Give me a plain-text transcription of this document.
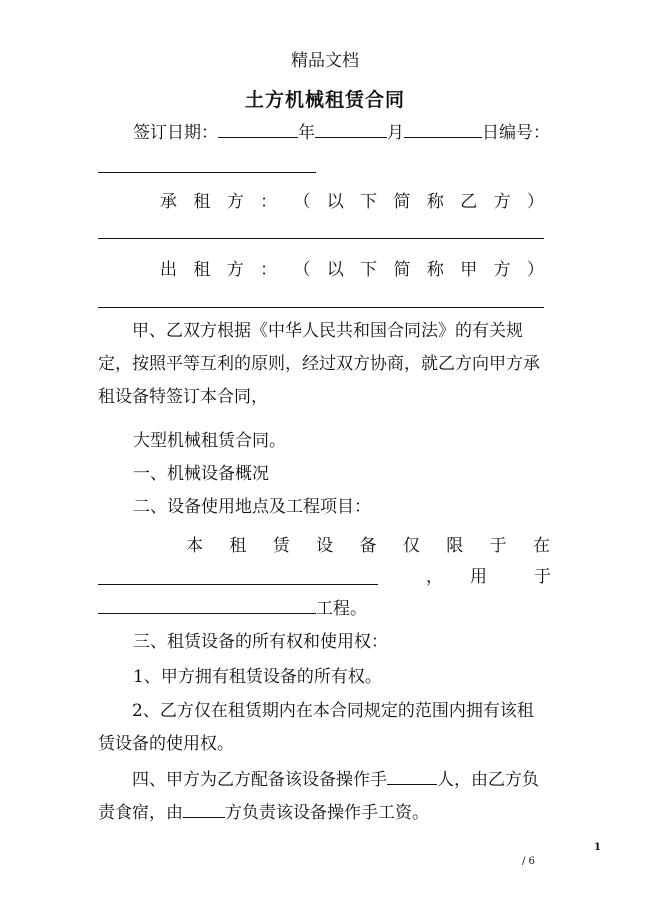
精品文档
土方机械租赁合同
签订日期：	年	月	日编号：
承 租 方 ： （ 以 下 简 称 乙 方 ）
出 租 方 ： （ 以 下 简 称 甲 方 ）
甲、乙双方根据《中华人民共和国合同法》的有关规定，按照平等互利的原则，经过双方协商，就乙方向甲方承租设备特签订本合同，
大型机械租赁合同。
一、机械设备概况
二、设备使用地点及工程项目：
本 租 赁 设 备 仅 限 于 在
， 用	于
工程。
三、租赁设备的所有权和使用权：
1、甲方拥有租赁设备的所有权。
2、乙方仅在租赁期内在本合同规定的范围内拥有该租赁设备的使用权。
四、甲方为乙方配备该设备操作手	人，由乙方负责食宿，由 方负责该设备操作手工资。
/ 6
1
